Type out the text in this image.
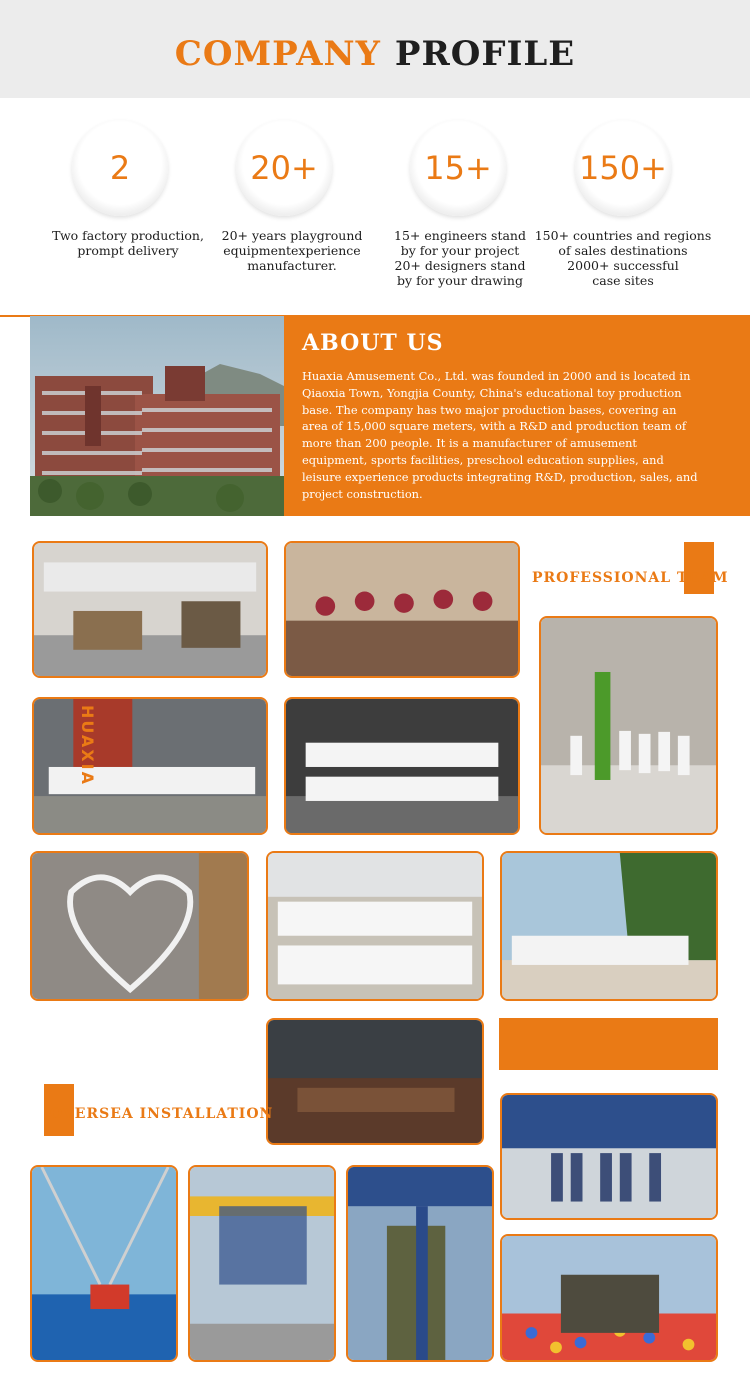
COMPANY PROFILE
2
Two factory production,
prompt delivery
20+
20+ years playground
equipmentexperience
manufacturer.
15+
15+ engineers stand
by for your project
20+ designers stand
by for your drawing
150+
150+ countries and regions
of sales destinations
2000+ successful
case sites
ABOUT US
Huaxia Amusement Co., Ltd. was founded in 2000 and is located in Qiaoxia Town, Yongjia County, China's educational toy production base. The company has two major production bases, covering an area of 15,000 square meters, with a R&D and production team of more than 200 people. It is a manufacturer of amusement equipment, sports facilities, preschool education supplies, and leisure experience products integrating R&D, production, sales, and project construction.
PROFESSIONAL TEAM
HUAXIA
OVERSEA INSTALLATION
